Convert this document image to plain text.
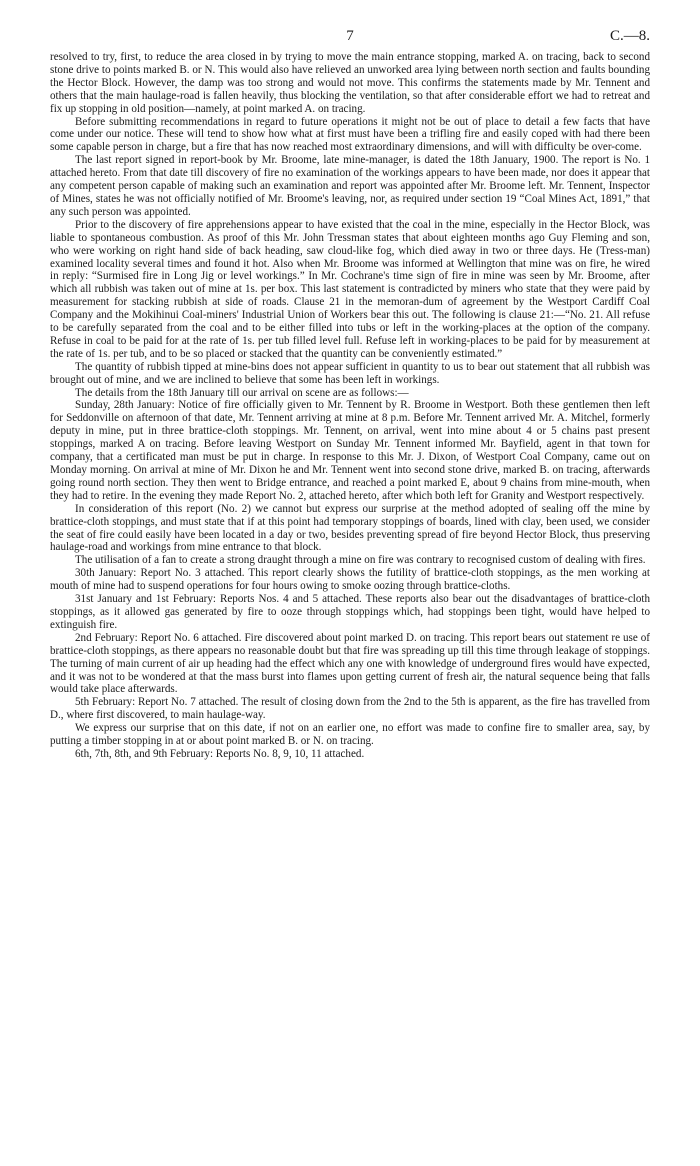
7	C.—8.

resolved to try, first, to reduce the area closed in by trying to move the main entrance stopping, marked A. on tracing, back to second stone drive to points marked B. or N. This would also have relieved an unworked area lying between north section and faults bounding the Hector Block. However, the damp was too strong and would not move. This confirms the statements made by Mr. Tennent and others that the main haulage-road is fallen heavily, thus blocking the ventilation, so that after considerable effort we had to retreat and fix up stopping in old position—namely, at point marked A. on tracing.

Before submitting recommendations in regard to future operations it might not be out of place to detail a few facts that have come under our notice. These will tend to show how what at first must have been a trifling fire and easily coped with had there been some capable person in charge, but a fire that has now reached most extraordinary dimensions, and will with difficulty be over-come.

The last report signed in report-book by Mr. Broome, late mine-manager, is dated the 18th January, 1900. The report is No. 1 attached hereto. From that date till discovery of fire no examination of the workings appears to have been made, nor does it appear that any competent person capable of making such an examination and report was appointed after Mr. Broome left. Mr. Tennent, Inspector of Mines, states he was not officially notified of Mr. Broome's leaving, nor, as required under section 19 “Coal Mines Act, 1891,” that any such person was appointed.

Prior to the discovery of fire apprehensions appear to have existed that the coal in the mine, especially in the Hector Block, was liable to spontaneous combustion. As proof of this Mr. John Tressman states that about eighteen months ago Guy Fleming and son, who were working on right hand side of back heading, saw cloud-like fog, which died away in two or three days. He (Tress-man) examined locality several times and found it hot. Also when Mr. Broome was informed at Wellington that mine was on fire, he wired in reply: “Surmised fire in Long Jig or level workings.” In Mr. Cochrane's time sign of fire in mine was seen by Mr. Broome, after which all rubbish was taken out of mine at 1s. per box. This last statement is contradicted by miners who state that they were paid by measurement for stacking rubbish at side of roads. Clause 21 in the memoran-dum of agreement by the Westport Cardiff Coal Company and the Mokihinui Coal-miners' Industrial Union of Workers bear this out. The following is clause 21:—“No. 21. All refuse to be carefully separated from the coal and to be either filled into tubs or left in the working-places at the option of the company. Refuse in coal to be paid for at the rate of 1s. per tub filled level full. Refuse left in working-places to be paid for by measurement at the rate of 1s. per tub, and to be so placed or stacked that the quantity can be conveniently estimated.”

The quantity of rubbish tipped at mine-bins does not appear sufficient in quantity to us to bear out statement that all rubbish was brought out of mine, and we are inclined to believe that some has been left in workings.

The details from the 18th January till our arrival on scene are as follows:—

Sunday, 28th January: Notice of fire officially given to Mr. Tennent by R. Broome in Westport. Both these gentlemen then left for Seddonville on afternoon of that date, Mr. Tennent arriving at mine at 8 p.m. Before Mr. Tennent arrived Mr. A. Mitchel, formerly deputy in mine, put in three brattice-cloth stoppings. Mr. Tennent, on arrival, went into mine about 4 or 5 chains past present stoppings, marked A on tracing. Before leaving Westport on Sunday Mr. Tennent informed Mr. Bayfield, agent in that town for company, that a certificated man must be put in charge. In response to this Mr. J. Dixon, of Westport Coal Company, came out on Monday morning. On arrival at mine of Mr. Dixon he and Mr. Tennent went into second stone drive, marked B. on tracing, afterwards going round north section. They then went to Bridge entrance, and reached a point marked E, about 9 chains from mine-mouth, when they had to retire. In the evening they made Report No. 2, attached hereto, after which both left for Granity and Westport respectively.

In consideration of this report (No. 2) we cannot but express our surprise at the method adopted of sealing off the mine by brattice-cloth stoppings, and must state that if at this point had temporary stoppings of boards, lined with clay, been used, we consider the seat of fire could easily have been located in a day or two, besides preventing spread of fire beyond Hector Block, thus preserving haulage-road and workings from mine entrance to that block.

The utilisation of a fan to create a strong draught through a mine on fire was contrary to recognised custom of dealing with fires.

30th January: Report No. 3 attached. This report clearly shows the futility of brattice-cloth stoppings, as the men working at mouth of mine had to suspend operations for four hours owing to smoke oozing through brattice-cloths.

31st January and 1st February: Reports Nos. 4 and 5 attached. These reports also bear out the disadvantages of brattice-cloth stoppings, as it allowed gas generated by fire to ooze through stoppings which, had stoppings been tight, would have helped to extinguish fire.

2nd February: Report No. 6 attached. Fire discovered about point marked D. on tracing. This report bears out statement re use of brattice-cloth stoppings, as there appears no reasonable doubt but that fire was spreading up till this time through leakage of stoppings. The turning of main current of air up heading had the effect which any one with knowledge of underground fires would have expected, and it was not to be wondered at that the mass burst into flames upon getting current of fresh air, the natural sequence being that falls would take place afterwards.

5th February: Report No. 7 attached. The result of closing down from the 2nd to the 5th is apparent, as the fire has travelled from D., where first discovered, to main haulage-way.

We express our surprise that on this date, if not on an earlier one, no effort was made to confine fire to smaller area, say, by putting a timber stopping in at or about point marked B. or N. on tracing.

6th, 7th, 8th, and 9th February: Reports No. 8, 9, 10, 11 attached.
